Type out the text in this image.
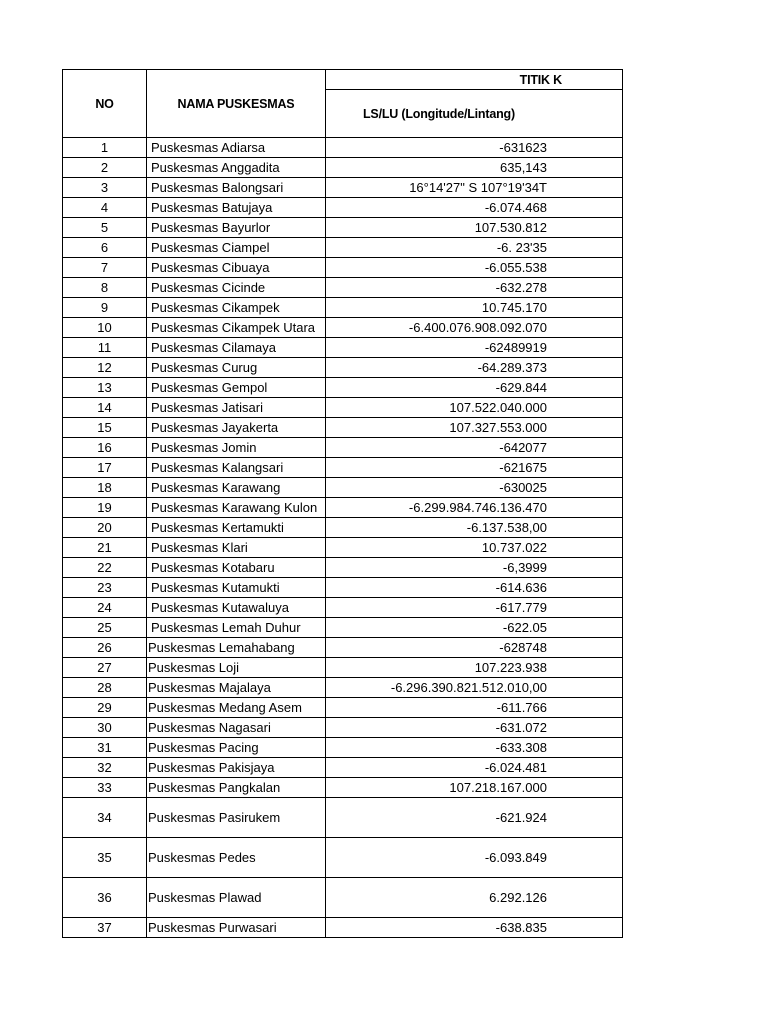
NO	NAMA PUSKESMAS	TITIK K
		LS/LU (Longitude/Lintang)
1	Puskesmas Adiarsa	-631623
2	Puskesmas Anggadita	635,143
3	Puskesmas Balongsari	16°14'27" S 107°19'34T
4	Puskesmas Batujaya	-6.074.468
5	Puskesmas Bayurlor	107.530.812
6	Puskesmas Ciampel	-6. 23'35
7	Puskesmas Cibuaya	-6.055.538
8	Puskesmas Cicinde	-632.278
9	Puskesmas Cikampek	10.745.170
10	Puskesmas Cikampek Utara	-6.400.076.908.092.070
11	Puskesmas Cilamaya	-62489919
12	Puskesmas Curug	-64.289.373
13	Puskesmas Gempol	-629.844
14	Puskesmas Jatisari	107.522.040.000
15	Puskesmas Jayakerta	107.327.553.000
16	Puskesmas Jomin	-642077
17	Puskesmas Kalangsari	-621675
18	Puskesmas Karawang	-630025
19	Puskesmas Karawang Kulon	-6.299.984.746.136.470
20	Puskesmas Kertamukti	-6.137.538,00
21	Puskesmas Klari	10.737.022
22	Puskesmas Kotabaru	-6,3999
23	Puskesmas Kutamukti	-614.636
24	Puskesmas Kutawaluya	-617.779
25	Puskesmas Lemah Duhur	-622.05
26	Puskesmas Lemahabang	-628748
27	Puskesmas Loji	107.223.938
28	Puskesmas Majalaya	-6.296.390.821.512.010,00
29	Puskesmas Medang Asem	-611.766
30	Puskesmas Nagasari	-631.072
31	Puskesmas Pacing	-633.308
32	Puskesmas Pakisjaya	-6.024.481
33	Puskesmas Pangkalan	107.218.167.000
34	Puskesmas Pasirukem	-621.924
35	Puskesmas Pedes	-6.093.849
36	Puskesmas Plawad	6.292.126
37	Puskesmas Purwasari	-638.835
